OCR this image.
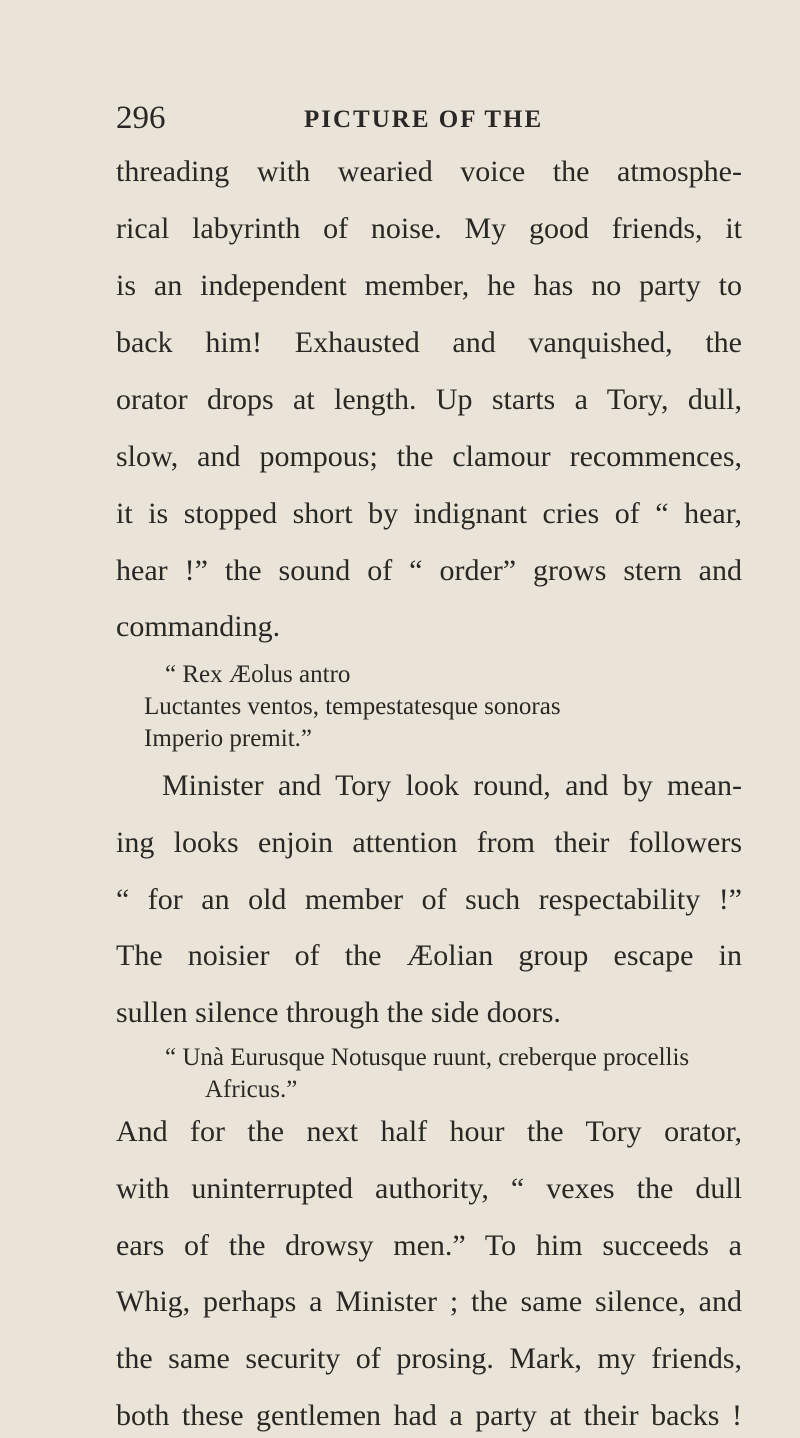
296	PICTURE OF THE
threading with wearied voice the atmosphe-
rical labyrinth of noise. My good friends, it
is an independent member, he has no party to
back him! Exhausted and vanquished, the
orator drops at length. Up starts a Tory, dull,
slow, and pompous; the clamour recommences,
it is stopped short by indignant cries of “ hear,
hear !” the sound of “ order” grows stern and
commanding.
“ Rex Æolus antro
Luctantes ventos, tempestatesque sonoras
Imperio premit.”
Minister and Tory look round, and by mean-
ing looks enjoin attention from their followers
“ for an old member of such respectability !”
The noisier of the Æolian group escape in
sullen silence through the side doors.
“ Unà Eurusque Notusque ruunt, creberque procellis
Africus.”
And for the next half hour the Tory orator,
with uninterrupted authority, “ vexes the dull
ears of the drowsy men.” To him succeeds a
Whig, perhaps a Minister ; the same silence, and
the same security of prosing. Mark, my friends,
both these gentlemen had a party at their backs !
